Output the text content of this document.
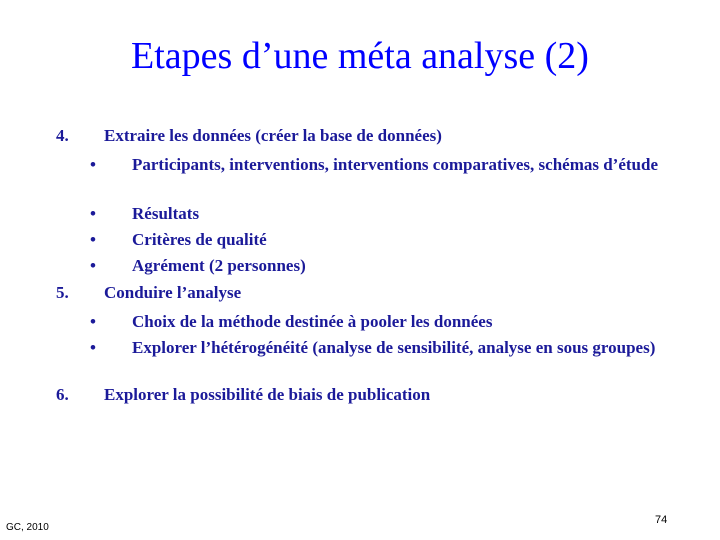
Etapes d’une méta analyse (2)
4. Extraire les données (créer la base de données)
• Participants, interventions, interventions comparatives, schémas d’étude
• Résultats
• Critères de qualité
• Agrément (2 personnes)
5. Conduire l’analyse
• Choix de la méthode destinée à pooler les données
• Explorer l’hétérogénéité (analyse de sensibilité, analyse en sous groupes)
6. Explorer la possibilité de biais de publication
GC, 2010
74
